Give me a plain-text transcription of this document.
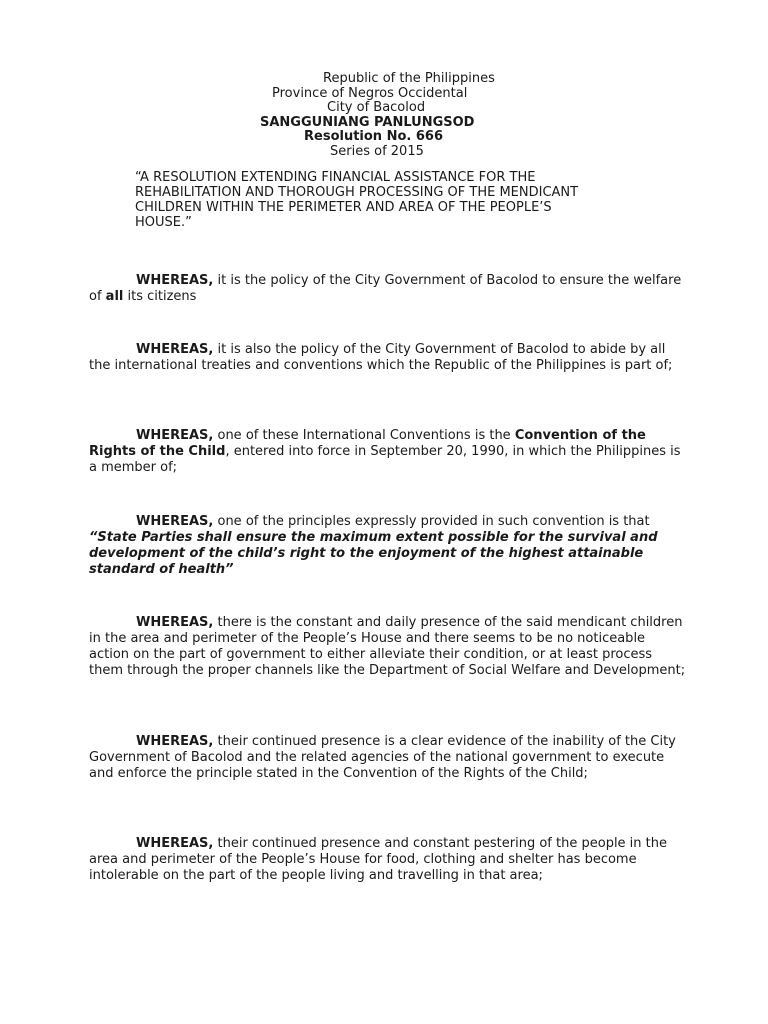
Republic of the Philippines
Province of Negros Occidental
City of Bacolod
SANGGUNIANG PANLUNGSOD
Resolution No. 666
Series of 2015
“A RESOLUTION EXTENDING FINANCIAL ASSISTANCE FOR THE
REHABILITATION AND THOROUGH PROCESSING OF THE MENDICANT
CHILDREN WITHIN THE PERIMETER AND AREA OF THE PEOPLE’S
HOUSE.”

WHEREAS, it is the policy of the City Government of Bacolod to ensure the welfare of all its citizens

WHEREAS, it is also the policy of the City Government of Bacolod to abide by all the international treaties and conventions which the Republic of the Philippines is part of;

WHEREAS, one of these International Conventions is the Convention of the Rights of the Child, entered into force in September 20, 1990, in which the Philippines is a member of;

WHEREAS, one of the principles expressly provided in such convention is that “State Parties shall ensure the maximum extent possible for the survival and development of the child’s right to the enjoyment of the highest attainable standard of health”

WHEREAS, there is the constant and daily presence of the said mendicant children in the area and perimeter of the People’s House and there seems to be no noticeable action on the part of government to either alleviate their condition, or at least process them through the proper channels like the Department of Social Welfare and Development;

WHEREAS, their continued presence is a clear evidence of the inability of the City Government of Bacolod and the related agencies of the national government to execute and enforce the principle stated in the Convention of the Rights of the Child;

WHEREAS, their continued presence and constant pestering of the people in the area and perimeter of the People’s House for food, clothing and shelter has become intolerable on the part of the people living and travelling in that area;
